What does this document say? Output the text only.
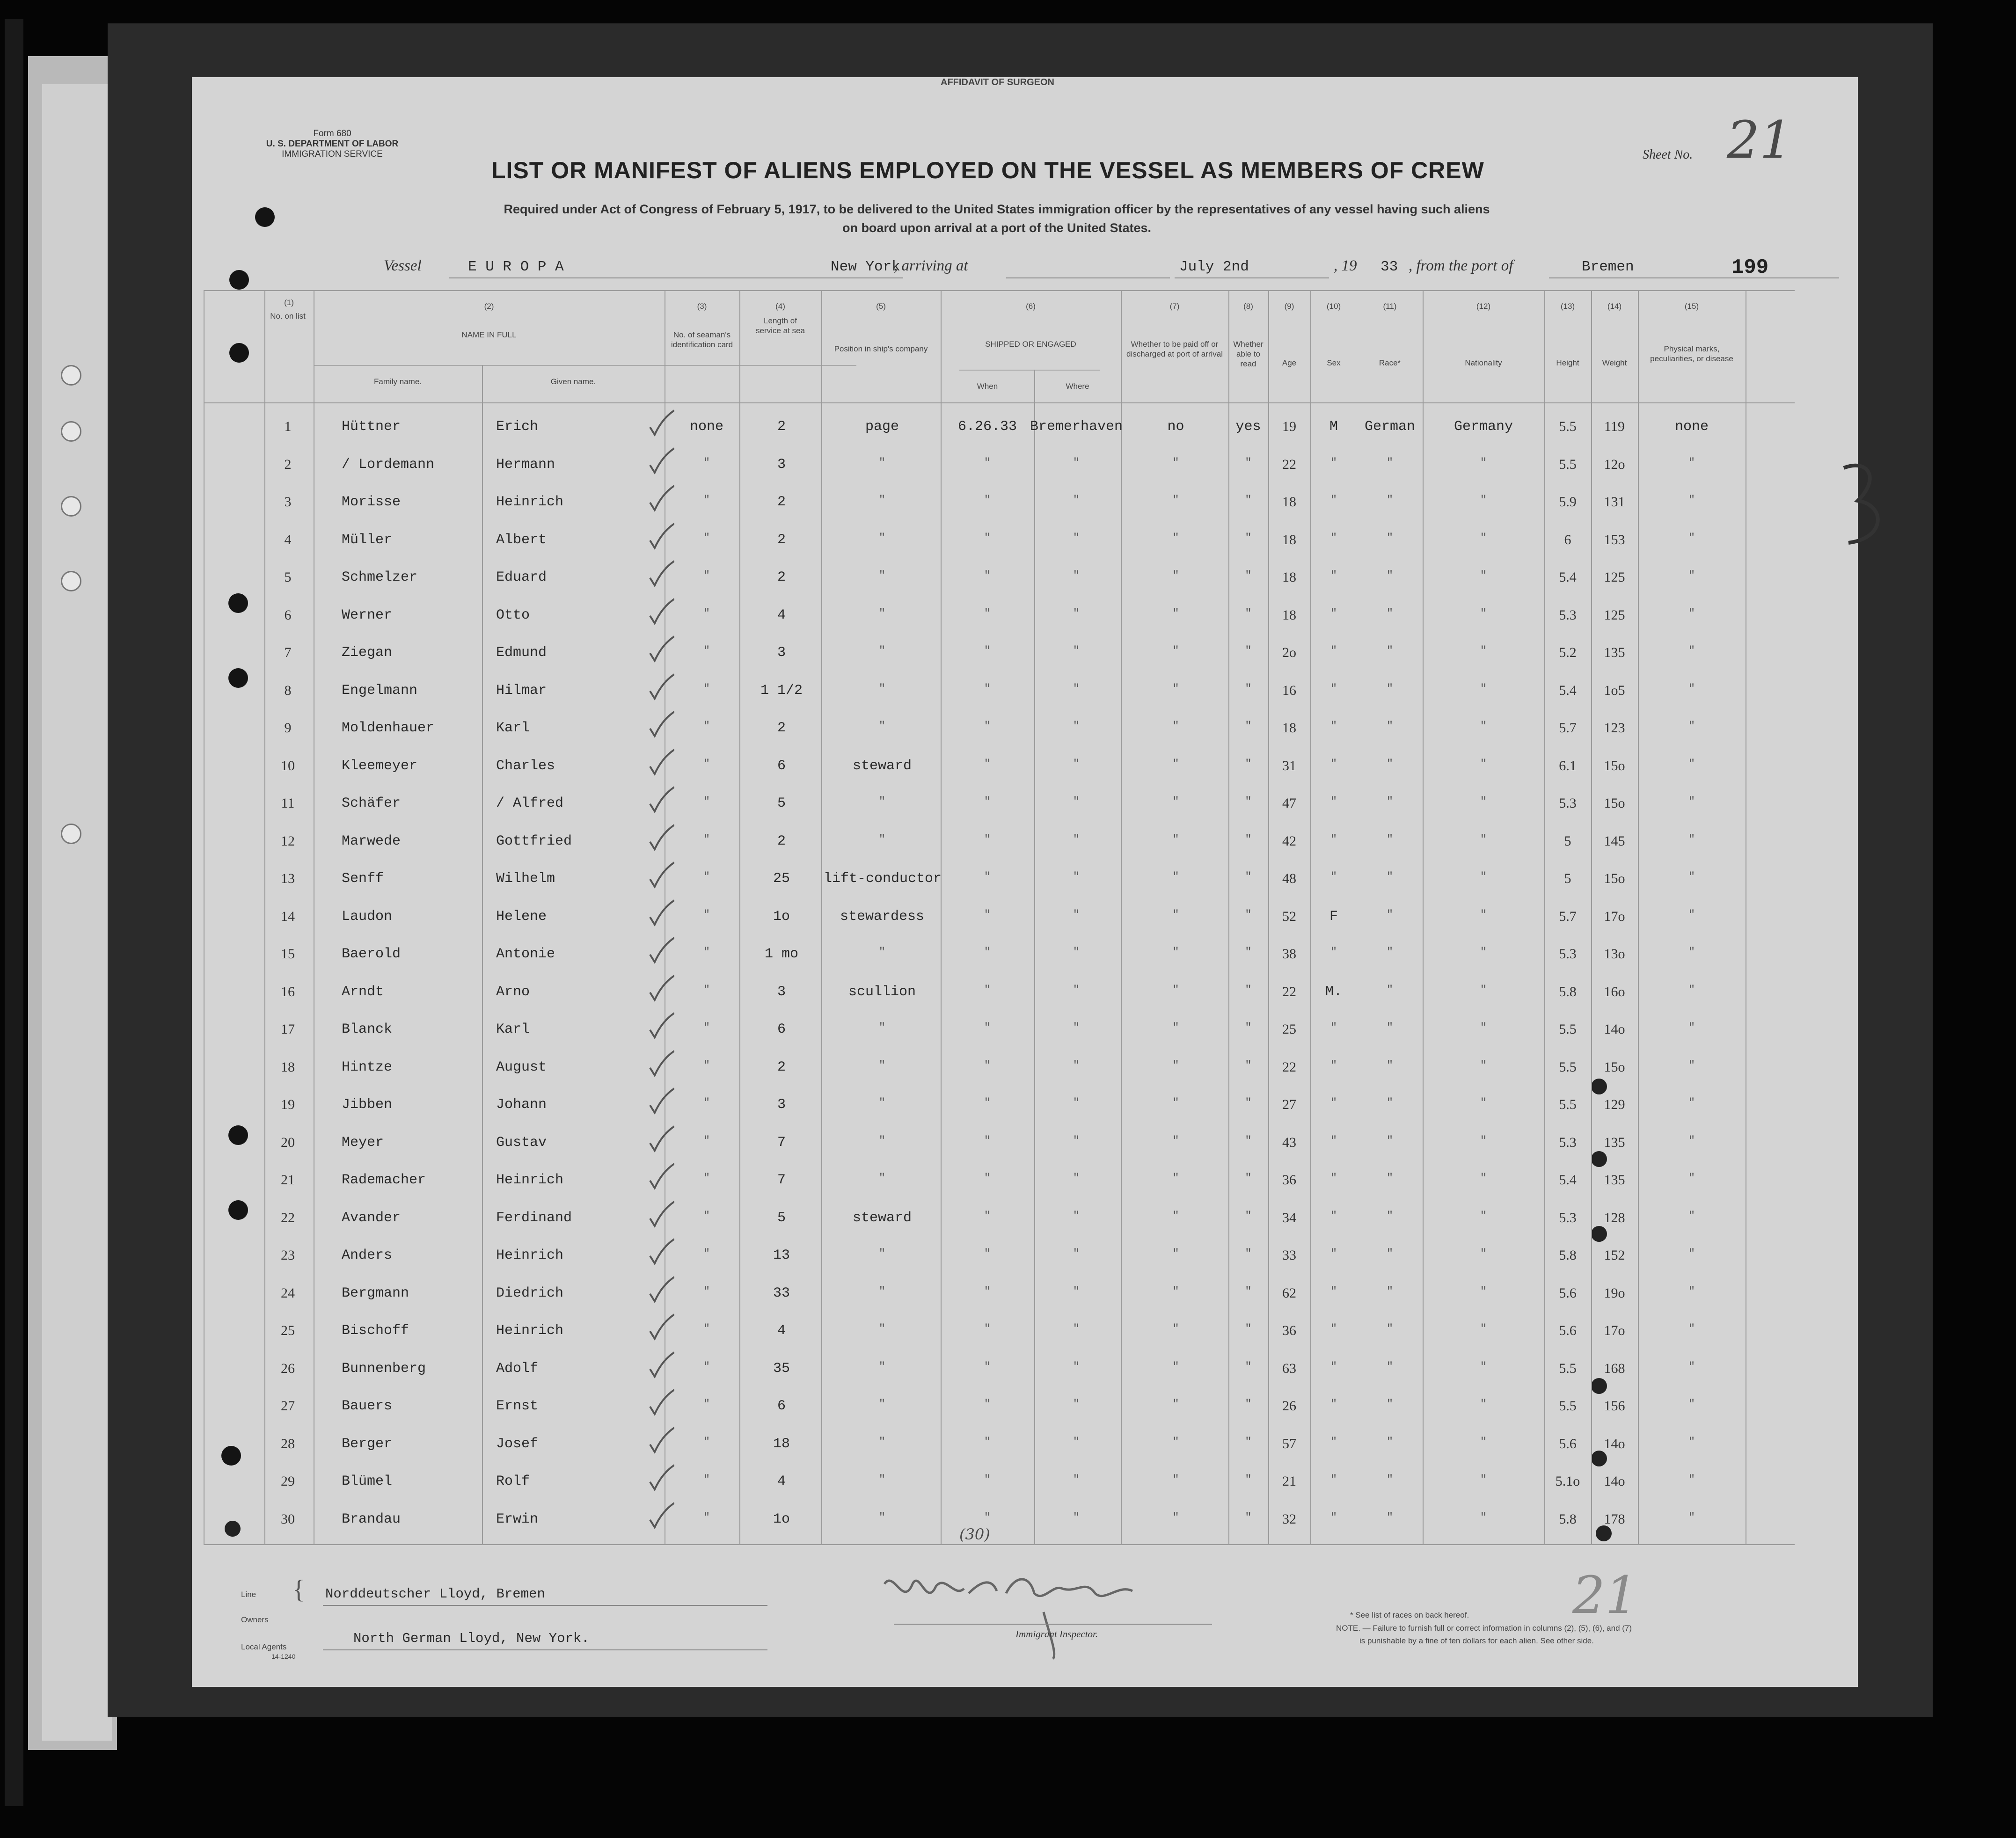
AFFIDAVIT OF SURGEON
Form 680
U. S. DEPARTMENT OF LABOR
IMMIGRATION SERVICE
LIST OR MANIFEST OF ALIENS EMPLOYED ON THE VESSEL AS MEMBERS OF CREW
Sheet No. 21
Required under Act of Congress of February 5, 1917, to be delivered to the United States immigration officer by the representatives of any vessel having such aliens
on board upon arrival at a port of the United States.
Vessel	E U R O P A	, arriving at
New York	July 2nd	, 19 33 , from the port of	Bremen	199
(1)	(2)	(3)	(4)	(5)	(6)	(7)	(8)	(9)	(10)	(11)	(12)	(13)	(14)	(15)
No. on list
NAME IN FULL
Family name.	Given name.
No. of seaman's identification card
Length of service at sea
Position in ship's company
SHIPPED OR ENGAGED
When	Where
Whether to be paid off or discharged at port of arrival
Whether able to read	Age	Sex	Race*	Nationality	Height	Weight
Physical marks, peculiarities, or disease
1	Hüttner	Erich	none	2	page	6.26.33 Bremerhaven	no	yes	19	M	German	Germany	5.5	119	none
2	/ Lordemann	Hermann	"	3	"	"	"	"	"	22	"	"	"	5.5	12o	"
3	Morisse	Heinrich	"	2	"	"	"	"	"	18	"	"	"	5.9	131	"
4	Müller	Albert	"	2	"	"	"	"	"	18	"	"	"	6	153	"
5	Schmelzer	Eduard	"	2	"	"	"	"	"	18	"	"	"	5.4	125	"
6	Werner	Otto	"	4	"	"	"	"	"	18	"	"	"	5.3	125	"
7	Ziegan	Edmund	"	3	"	"	"	"	"	2o	"	"	"	5.2	135	"
8	Engelmann	Hilmar	"	1 1/2	"	"	"	"	"	16	"	"	"	5.4	1o5	"
9	Moldenhauer	Karl	"	2	"	"	"	"	"	18	"	"	"	5.7	123	"
10	Kleemeyer	Charles	"	6	steward	"	"	"	"	31	"	"	"	6.1	15o	"
11	Schäfer	/ Alfred	"	5	"	"	"	"	"	47	"	"	"	5.3	15o	"
12	Marwede	Gottfried	"	2	"	"	"	"	"	42	"	"	"	5	145	"
13	Senff	Wilhelm	"	25	lift-conductor	"	"	"	"	48	"	"	"	5	15o	"
14	Laudon	Helene	"	1o	stewardess	"	"	"	"	52	F	"	"	5.7	17o	"
15	Baerold	Antonie	"	1 mo	"	"	"	"	"	38	"	"	"	5.3	13o	"
16	Arndt	Arno	"	3	scullion	"	"	"	"	22	M.	"	"	5.8	16o	"
17	Blanck	Karl	"	6	"	"	"	"	"	25	"	"	"	5.5	14o	"
18	Hintze	August	"	2	"	"	"	"	"	22	"	"	"	5.5	15o	"
19	Jibben	Johann	"	3	"	"	"	"	"	27	"	"	"	5.5	129	"
20	Meyer	Gustav	"	7	"	"	"	"	"	43	"	"	"	5.3	135	"
21	Rademacher	Heinrich	"	7	"	"	"	"	"	36	"	"	"	5.4	135	"
22	Avander	Ferdinand	"	5	steward	"	"	"	"	34	"	"	"	5.3	128	"
23	Anders	Heinrich	"	13	"	"	"	"	"	33	"	"	"	5.8	152	"
24	Bergmann	Diedrich	"	33	"	"	"	"	"	62	"	"	"	5.6	19o	"
25	Bischoff	Heinrich	"	4	"	"	"	"	"	36	"	"	"	5.6	17o	"
26	Bunnenberg	Adolf	"	35	"	"	"	"	"	63	"	"	"	5.5	168	"
27	Bauers	Ernst	"	6	"	"	"	"	"	26	"	"	"	5.5	156	"
28	Berger	Josef	"	18	"	"	"	"	"	57	"	"	"	5.6	14o	"
29	Blümel	Rolf	"	4	"	"	"	"	"	21	"	"	"	5.1o	14o	"
30	Brandau	Erwin	"	1o	"	"	"	"	"	32	"	"	"	5.8	178	"
(30)
Line { Norddeutscher Lloyd, Bremen
Owners
Local Agents
North German Lloyd, New York.
14-1240
Immigrant Inspector.
21
* See list of races on back hereof.
NOTE. — Failure to furnish full or correct information in columns (2), (5), (6), and (7)
is punishable by a fine of ten dollars for each alien. See other side.
